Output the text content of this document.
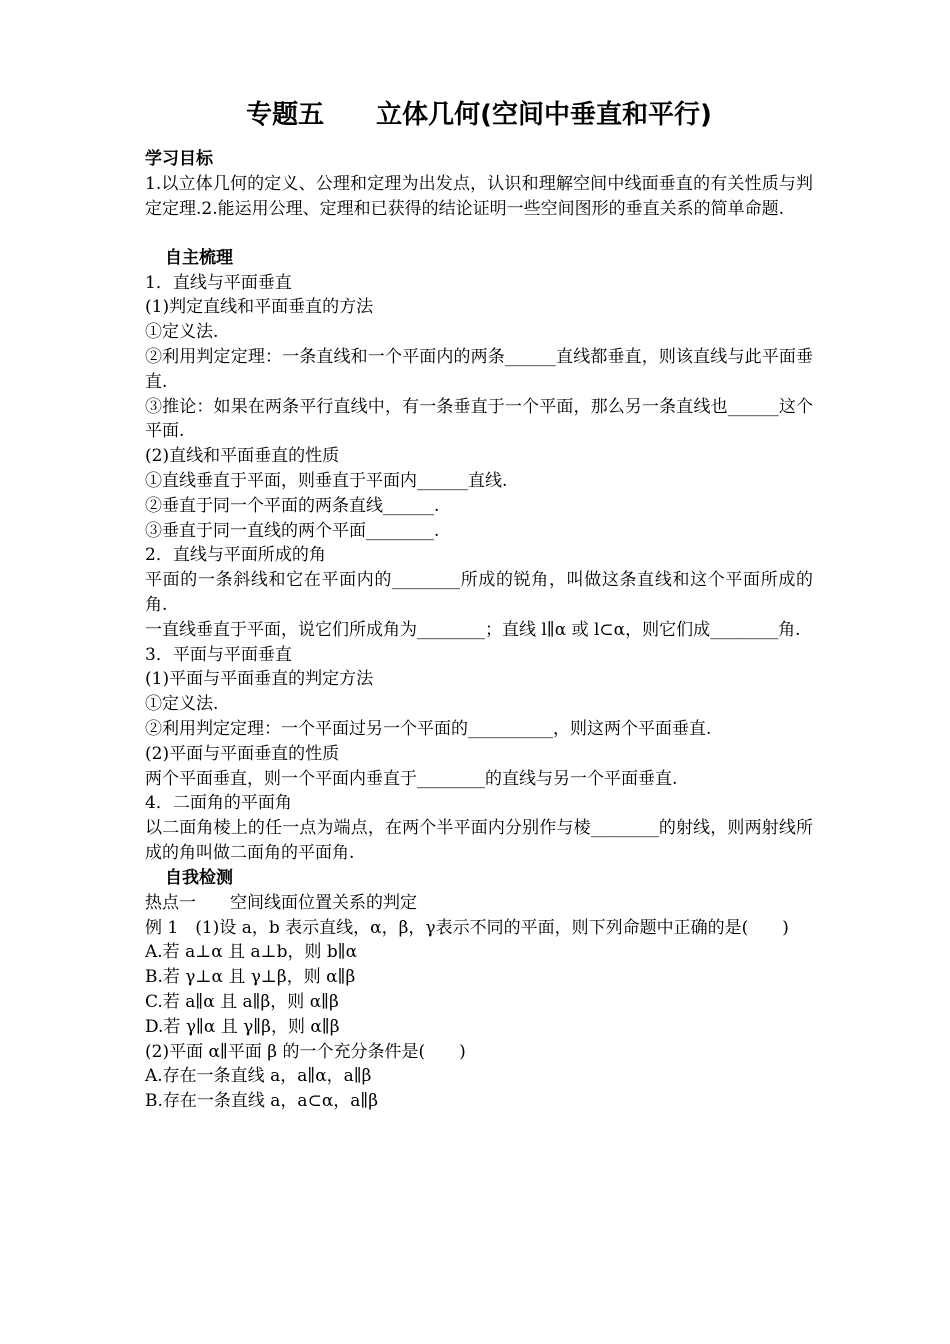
专题五　　立体几何(空间中垂直和平行)
学习目标

1.以立体几何的定义、公理和定理为出发点，认识和理解空间中线面垂直的有关性质与判定定理.2.能运用公理、定理和已获得的结论证明一些空间图形的垂直关系的简单命题.

自主梳理

1．直线与平面垂直

(1)判定直线和平面垂直的方法

①定义法.

②利用判定定理：一条直线和一个平面内的两条______直线都垂直，则该直线与此平面垂直.

③推论：如果在两条平行直线中，有一条垂直于一个平面，那么另一条直线也______这个平面.

(2)直线和平面垂直的性质

①直线垂直于平面，则垂直于平面内______直线.

②垂直于同一个平面的两条直线______.

③垂直于同一直线的两个平面________.

2．直线与平面所成的角

平面的一条斜线和它在平面内的________所成的锐角，叫做这条直线和这个平面所成的角.

一直线垂直于平面，说它们所成角为________；直线 l∥α 或 l⊂α，则它们成________角.

3．平面与平面垂直

(1)平面与平面垂直的判定方法

①定义法.

②利用判定定理：一个平面过另一个平面的__________，则这两个平面垂直.

(2)平面与平面垂直的性质

两个平面垂直，则一个平面内垂直于________的直线与另一个平面垂直.

4．二面角的平面角

以二面角棱上的任一点为端点，在两个半平面内分别作与棱________的射线，则两射线所成的角叫做二面角的平面角.

自我检测

热点一　　空间线面位置关系的判定

例 1　(1)设 a，b 表示直线，α，β，γ表示不同的平面，则下列命题中正确的是(　　)

A.若 a⊥α 且 a⊥b，则 b∥α

B.若 γ⊥α 且 γ⊥β，则 α∥β

C.若 a∥α 且 a∥β，则 α∥β

D.若 γ∥α 且 γ∥β，则 α∥β

(2)平面 α∥平面 β 的一个充分条件是(　　)

A.存在一条直线 a，a∥α，a∥β

B.存在一条直线 a，a⊂α，a∥β
